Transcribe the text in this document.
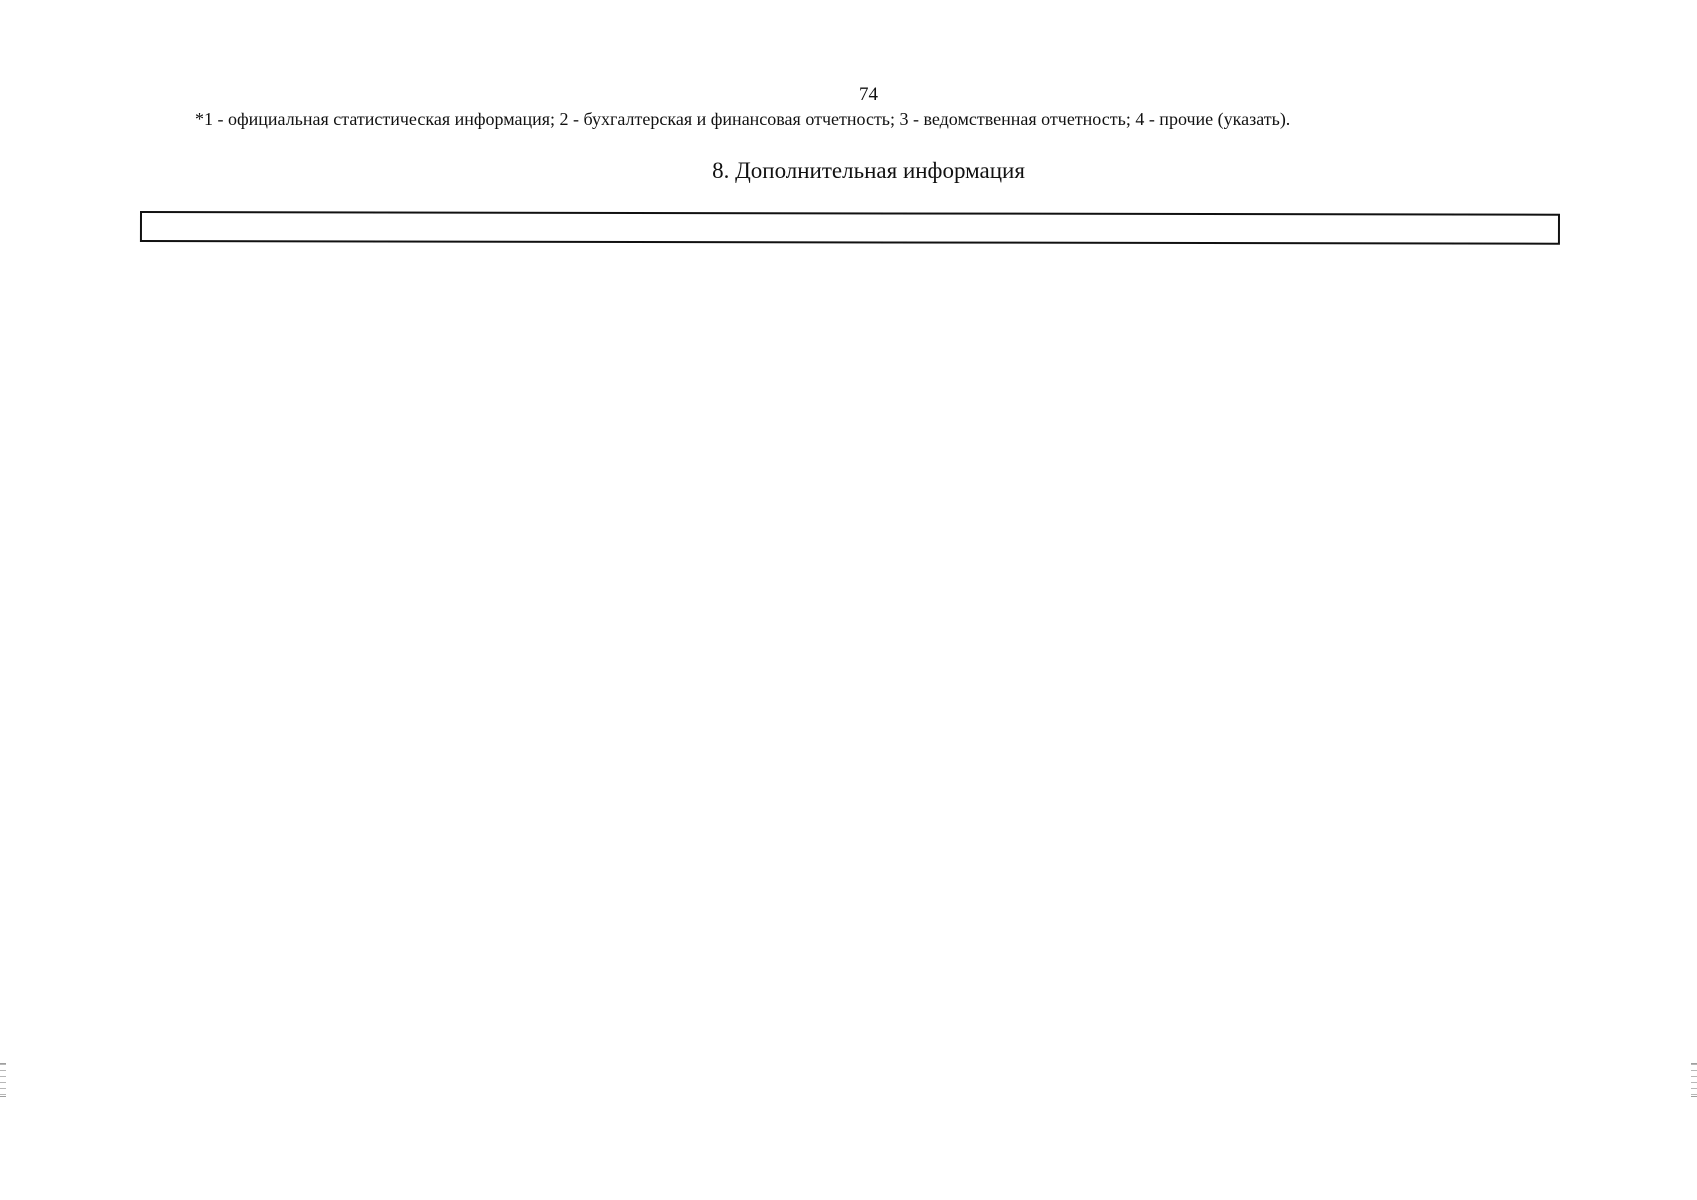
74
*1 - официальная статистическая информация; 2 - бухгалтерская и финансовая отчетность; 3 - ведомственная отчетность; 4 - прочие (указать).
8. Дополнительная информация
